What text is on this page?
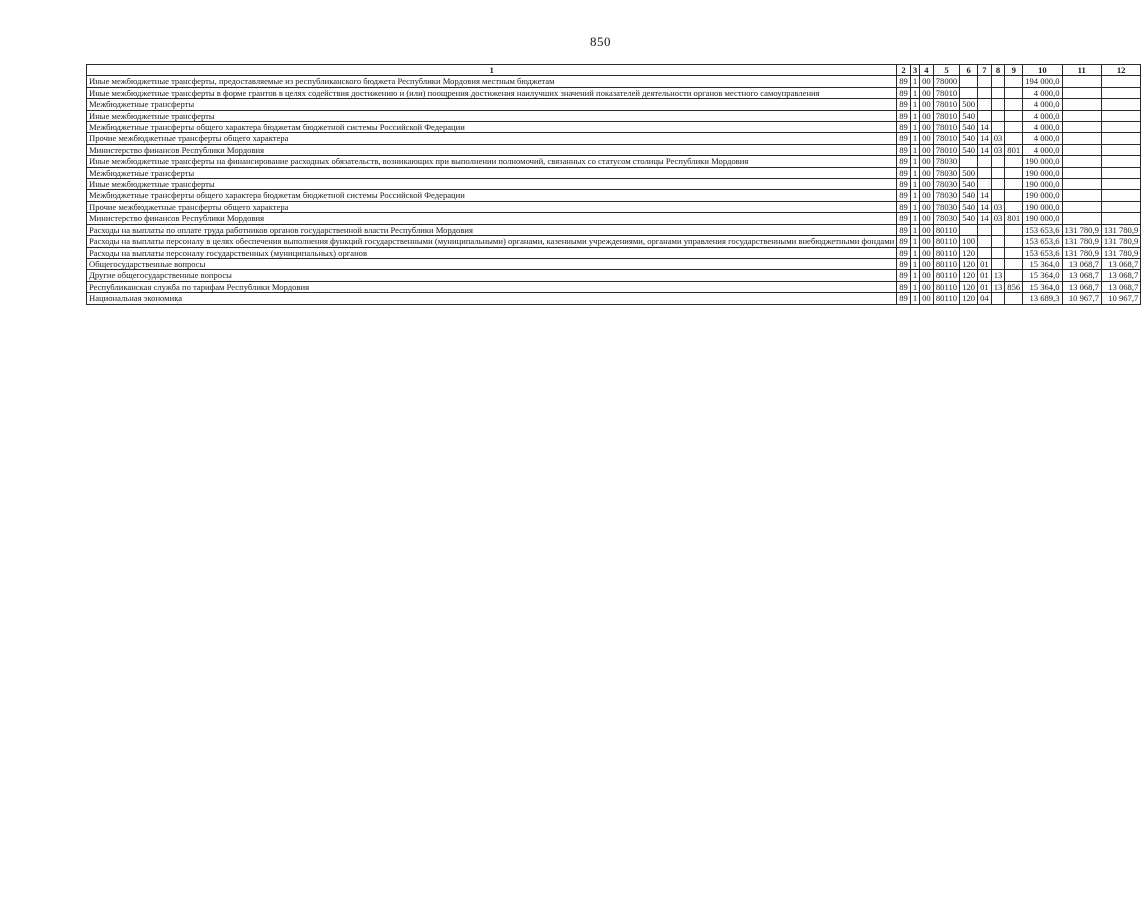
850
1	2	3	4	5	6	7	8	9	10	11	12
Иные межбюджетные трансферты, предоставляемые из республиканского бюджета Республики Мордовия местным бюджетам	89	1	00	78000					194 000,0		
Иные межбюджетные трансферты в форме грантов в целях содействия достижению и (или) поощрения достижения наилучших значений показателей деятельности органов местного самоуправления	89	1	00	78010					4 000,0		
Межбюджетные трансферты	89	1	00	78010	500				4 000,0		
Иные межбюджетные трансферты	89	1	00	78010	540				4 000,0		
Межбюджетные трансферты общего характера бюджетам бюджетной системы Российской Федерации	89	1	00	78010	540	14			4 000,0		
Прочие межбюджетные трансферты общего характера	89	1	00	78010	540	14	03		4 000,0		
Министерство финансов Республики Мордовия	89	1	00	78010	540	14	03	801	4 000,0		
Иные межбюджетные трансферты на финансирование расходных обязательств, возникающих при выполнении полномочий, связанных со статусом столицы Республики Мордовия	89	1	00	78030					190 000,0		
Межбюджетные трансферты	89	1	00	78030	500				190 000,0		
Иные межбюджетные трансферты	89	1	00	78030	540				190 000,0		
Межбюджетные трансферты общего характера бюджетам бюджетной системы Российской Федерации	89	1	00	78030	540	14			190 000,0		
Прочие межбюджетные трансферты общего характера	89	1	00	78030	540	14	03		190 000,0		
Министерство финансов Республики Мордовия	89	1	00	78030	540	14	03	801	190 000,0		
Расходы на выплаты по оплате труда работников органов государственной власти Республики Мордовия	89	1	00	80110					153 653,6	131 780,9	131 780,9
Расходы на выплаты персоналу в целях обеспечения выполнения функций государственными (муниципальными) органами, казенными учреждениями, органами управления государственными внебюджетными фондами	89	1	00	80110	100				153 653,6	131 780,9	131 780,9
Расходы на выплаты персоналу государственных (муниципальных) органов	89	1	00	80110	120				153 653,6	131 780,9	131 780,9
Общегосударственные вопросы	89	1	00	80110	120	01			15 364,0	13 068,7	13 068,7
Другие общегосударственные вопросы	89	1	00	80110	120	01	13		15 364,0	13 068,7	13 068,7
Республиканская служба по тарифам Республики Мордовия	89	1	00	80110	120	01	13	856	15 364,0	13 068,7	13 068,7
Национальная экономика	89	1	00	80110	120	04			13 689,3	10 967,7	10 967,7
